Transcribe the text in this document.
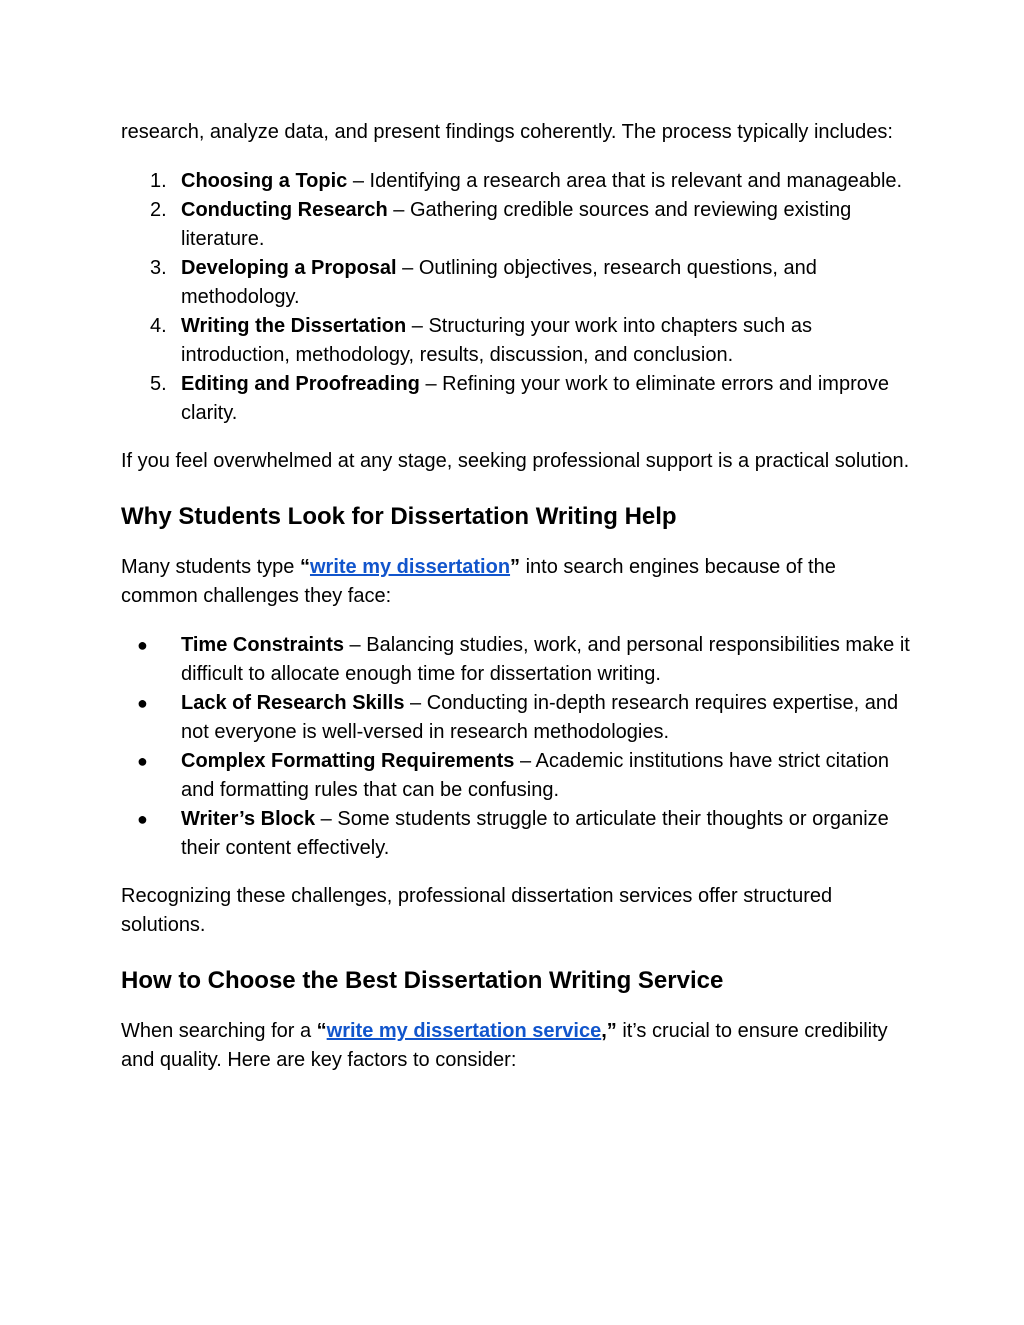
research, analyze data, and present findings coherently. The process typically includes:

1. Choosing a Topic – Identifying a research area that is relevant and manageable.
2. Conducting Research – Gathering credible sources and reviewing existing literature.
3. Developing a Proposal – Outlining objectives, research questions, and methodology.
4. Writing the Dissertation – Structuring your work into chapters such as introduction, methodology, results, discussion, and conclusion.
5. Editing and Proofreading – Refining your work to eliminate errors and improve clarity.

If you feel overwhelmed at any stage, seeking professional support is a practical solution.

Why Students Look for Dissertation Writing Help

Many students type “write my dissertation” into search engines because of the common challenges they face:

● Time Constraints – Balancing studies, work, and personal responsibilities make it difficult to allocate enough time for dissertation writing.
● Lack of Research Skills – Conducting in-depth research requires expertise, and not everyone is well-versed in research methodologies.
● Complex Formatting Requirements – Academic institutions have strict citation and formatting rules that can be confusing.
● Writer’s Block – Some students struggle to articulate their thoughts or organize their content effectively.

Recognizing these challenges, professional dissertation services offer structured solutions.

How to Choose the Best Dissertation Writing Service

When searching for a “write my dissertation service,” it’s crucial to ensure credibility and quality. Here are key factors to consider:
